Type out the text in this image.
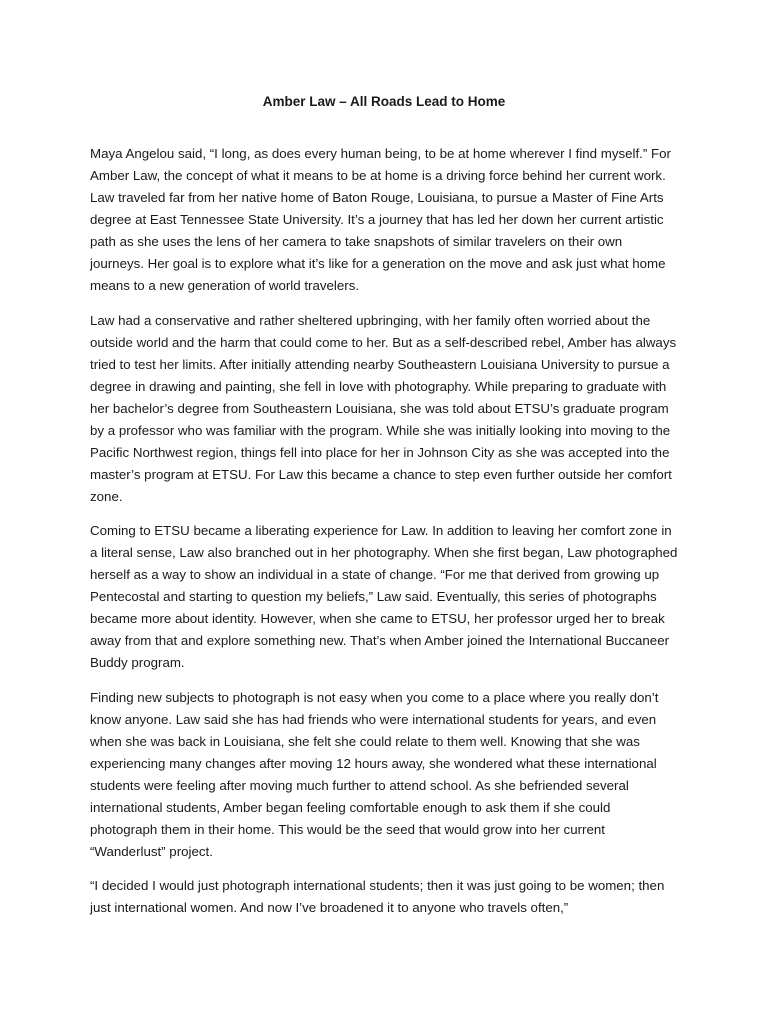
Amber Law – All Roads Lead to Home

Maya Angelou said, “I long, as does every human being, to be at home wherever I find myself.” For Amber Law, the concept of what it means to be at home is a driving force behind her current work. Law traveled far from her native home of Baton Rouge, Louisiana, to pursue a Master of Fine Arts degree at East Tennessee State University. It’s a journey that has led her down her current artistic path as she uses the lens of her camera to take snapshots of similar travelers on their own journeys. Her goal is to explore what it’s like for a generation on the move and ask just what home means to a new generation of world travelers.

Law had a conservative and rather sheltered upbringing, with her family often worried about the outside world and the harm that could come to her. But as a self-described rebel, Amber has always tried to test her limits. After initially attending nearby Southeastern Louisiana University to pursue a degree in drawing and painting, she fell in love with photography. While preparing to graduate with her bachelor’s degree from Southeastern Louisiana, she was told about ETSU’s graduate program by a professor who was familiar with the program. While she was initially looking into moving to the Pacific Northwest region, things fell into place for her in Johnson City as she was accepted into the master’s program at ETSU. For Law this became a chance to step even further outside her comfort zone.

Coming to ETSU became a liberating experience for Law. In addition to leaving her comfort zone in a literal sense, Law also branched out in her photography. When she first began, Law photographed herself as a way to show an individual in a state of change. “For me that derived from growing up Pentecostal and starting to question my beliefs,” Law said. Eventually, this series of photographs became more about identity. However, when she came to ETSU, her professor urged her to break away from that and explore something new. That’s when Amber joined the International Buccaneer Buddy program.

Finding new subjects to photograph is not easy when you come to a place where you really don’t know anyone. Law said she has had friends who were international students for years, and even when she was back in Louisiana, she felt she could relate to them well. Knowing that she was experiencing many changes after moving 12 hours away, she wondered what these international students were feeling after moving much further to attend school. As she befriended several international students, Amber began feeling comfortable enough to ask them if she could photograph them in their home. This would be the seed that would grow into her current “Wanderlust” project.

“I decided I would just photograph international students; then it was just going to be women; then just international women. And now I’ve broadened it to anyone who travels often,”
